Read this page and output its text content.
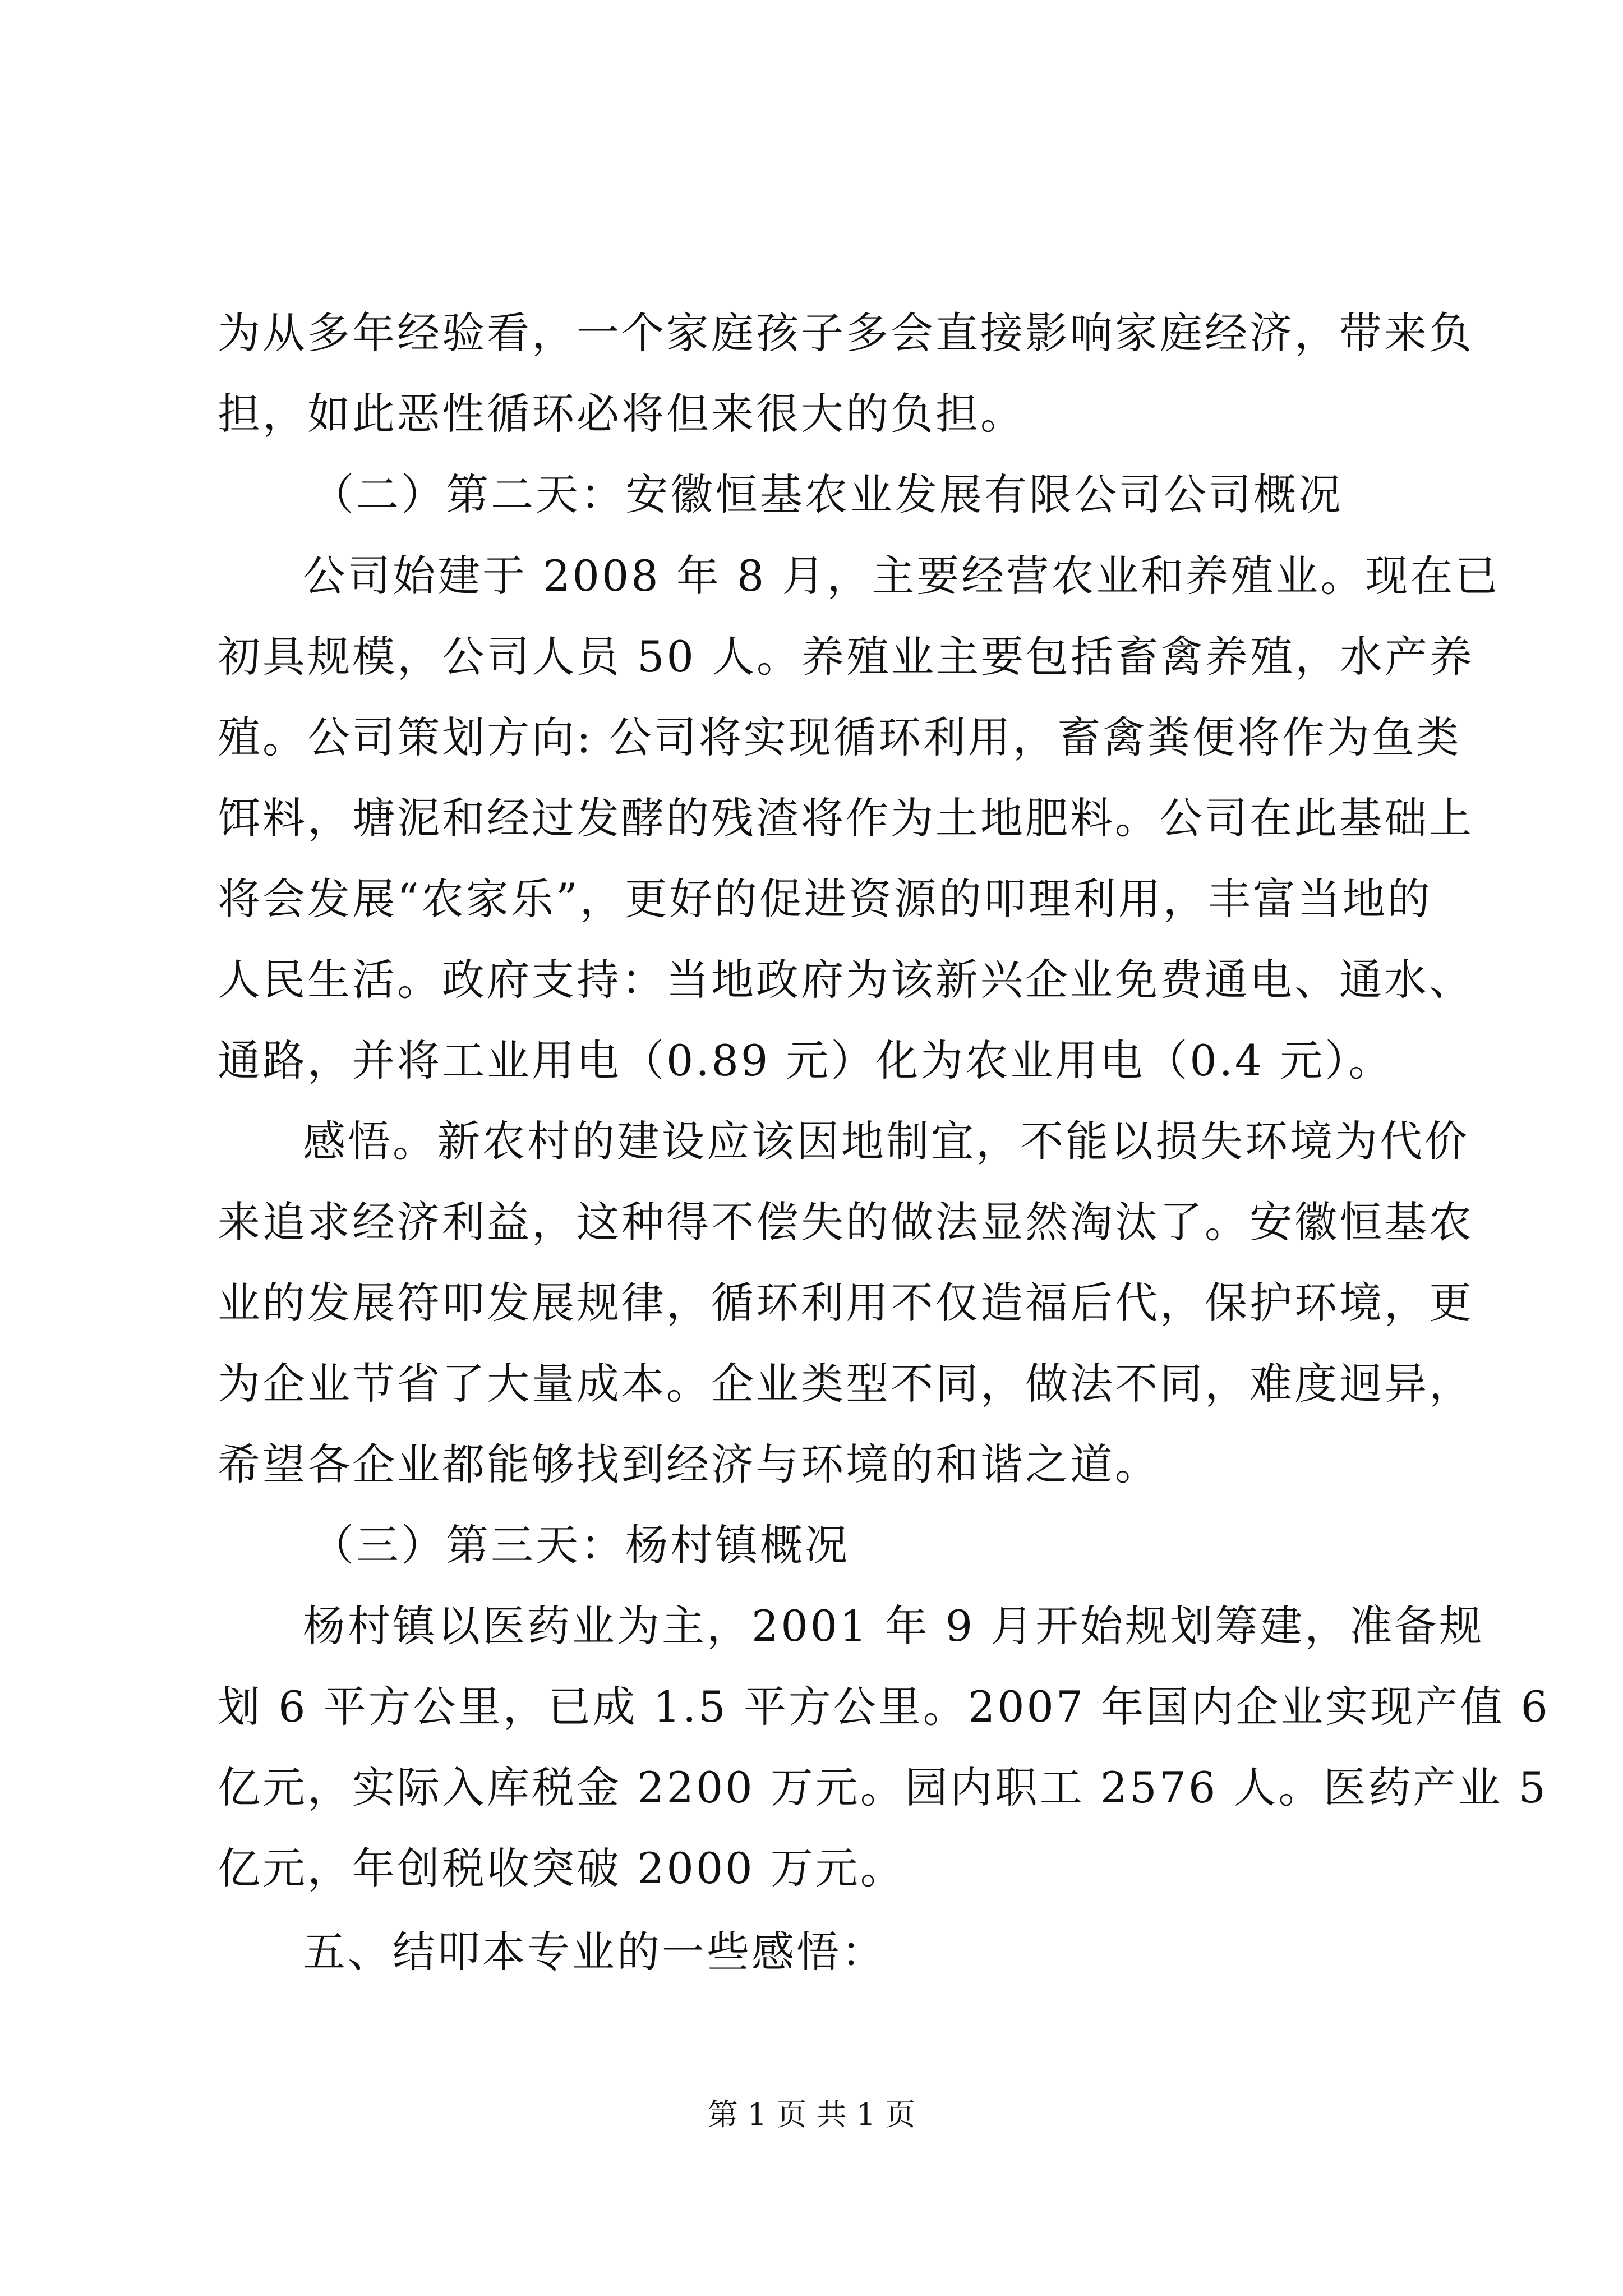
为从多年经验看，一个家庭孩子多会直接影响家庭经济，带来负
担，如此恶性循环必将但来很大的负担。
（二）第二天：安徽恒基农业发展有限公司公司概况
公司始建于 2008 年 8 月，主要经营农业和养殖业。现在已
初具规模，公司人员 50 人。养殖业主要包括畜禽养殖，水产养
殖。公司策划方向: 公司将实现循环利用，畜禽粪便将作为鱼类
饵料，塘泥和经过发酵的残渣将作为土地肥料。公司在此基础上
将会发展“农家乐”，更好的促进资源的叩理利用，丰富当地的
人民生活。政府支持：当地政府为该新兴企业免费通电、通水、
通路，并将工业用电（0.89 元）化为农业用电（0.4 元）。
感悟。新农村的建设应该因地制宜，不能以损失环境为代价
来追求经济利益，这种得不偿失的做法显然淘汰了。安徽恒基农
业的发展符叩发展规律，循环利用不仅造福后代，保护环境，更
为企业节省了大量成本。企业类型不同，做法不同，难度迥异，
希望各企业都能够找到经济与环境的和谐之道。
（三）第三天：杨村镇概况
杨村镇以医药业为主，2001 年 9 月开始规划筹建，准备规
划 6 平方公里，已成 1.5 平方公里。2007 年国内企业实现产值 6
亿元，实际入库税金 2200 万元。园内职工 2576 人。医药产业 5
亿元，年创税收突破 2000 万元。
五、结叩本专业的一些感悟：
第 1 页 共 1 页
